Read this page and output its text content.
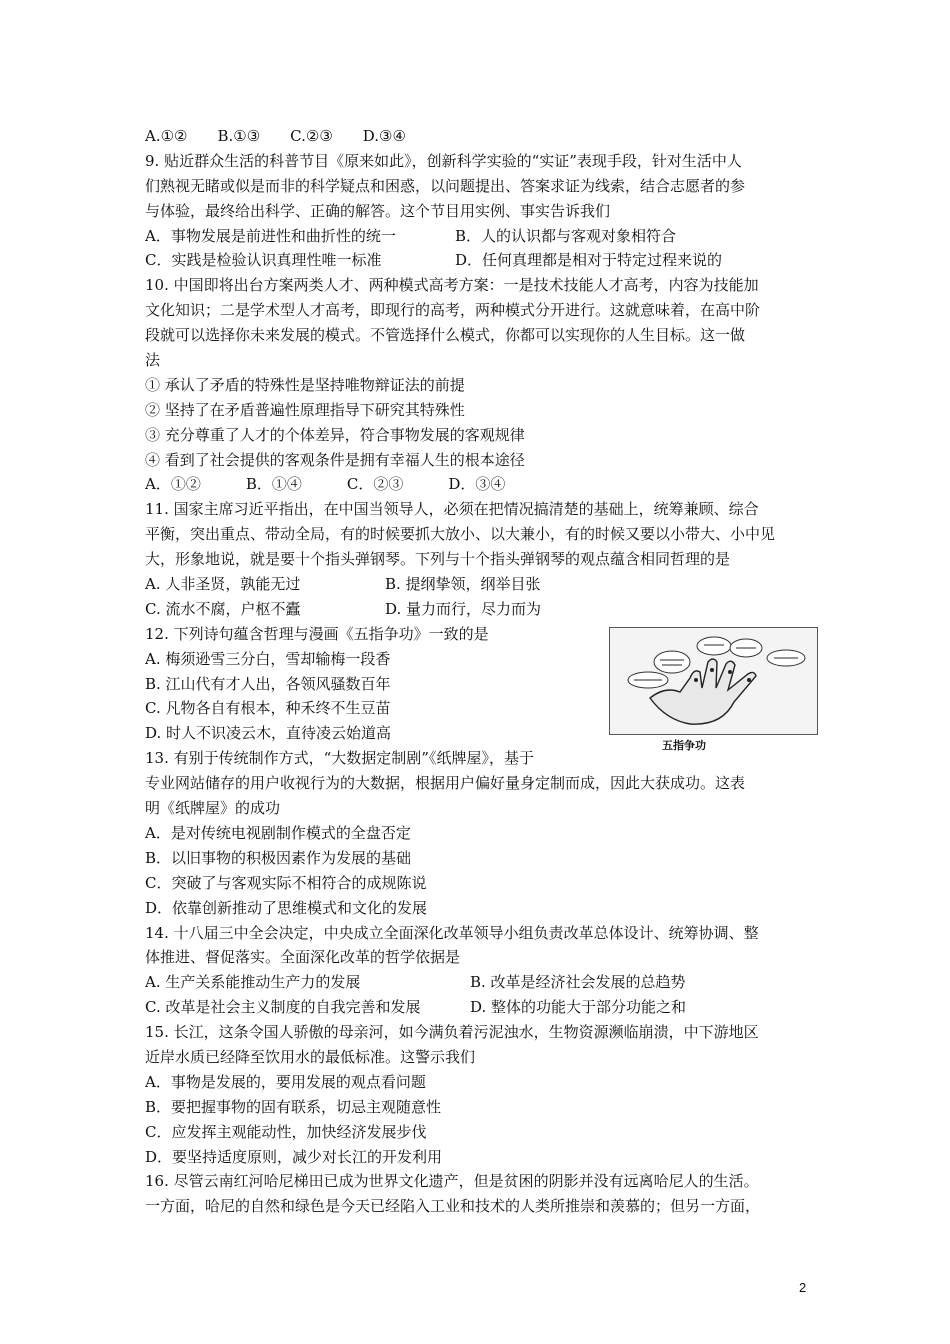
A.①②　　B.①③　　C.②③　　D.③④
9. 贴近群众生活的科普节目《原来如此》，创新科学实验的“实证”表现手段，针对生活中人
们熟视无睹或似是而非的科学疑点和困惑，以问题提出、答案求证为线索，结合志愿者的参
与体验，最终给出科学、正确的解答。这个节目用实例、事实告诉我们
A．事物发展是前进性和曲折性的统一	B．人的认识都与客观对象相符合
C．实践是检验认识真理性唯一标准	D．任何真理都是相对于特定过程来说的
10. 中国即将出台方案两类人才、两种模式高考方案：一是技术技能人才高考，内容为技能加
文化知识；二是学术型人才高考，即现行的高考，两种模式分开进行。这就意味着，在高中阶
段就可以选择你未来发展的模式。不管选择什么模式，你都可以实现你的人生目标。这一做
法
① 承认了矛盾的特殊性是坚持唯物辩证法的前提
② 坚持了在矛盾普遍性原理指导下研究其特殊性
③ 充分尊重了人才的个体差异，符合事物发展的客观规律
④ 看到了社会提供的客观条件是拥有幸福人生的根本途径
A．①②　　　B．①④　　　C．②③　　　D．③④
11. 国家主席习近平指出，在中国当领导人，必须在把情况搞清楚的基础上，统筹兼顾、综合
平衡，突出重点、带动全局，有的时候要抓大放小、以大兼小，有的时候又要以小带大、小中见
大，形象地说，就是要十个指头弹钢琴。下列与十个指头弹钢琴的观点蕴含相同哲理的是
A. 人非圣贤，孰能无过	B. 提纲挚领，纲举目张
C. 流水不腐，户枢不蠹	D. 量力而行，尽力而为
12. 下列诗句蕴含哲理与漫画《五指争功》一致的是
A. 梅须逊雪三分白，雪却输梅一段香
B. 江山代有才人出，各领风骚数百年
C. 凡物各自有根本，种禾终不生豆苗
D. 时人不识凌云木，直待凌云始道高
13. 有别于传统制作方式，“大数据定制剧”《纸牌屋》，基于
专业网站储存的用户收视行为的大数据，根据用户偏好量身定制而成，因此大获成功。这表
明《纸牌屋》的成功
A．是对传统电视剧制作模式的全盘否定
B．以旧事物的积极因素作为发展的基础
C．突破了与客观实际不相符合的成规陈说
D．依靠创新推动了思维模式和文化的发展
14. 十八届三中全会决定，中央成立全面深化改革领导小组负责改革总体设计、统筹协调、整
体推进、督促落实。全面深化改革的哲学依据是
A. 生产关系能推动生产力的发展	B. 改革是经济社会发展的总趋势
C. 改革是社会主义制度的自我完善和发展	D. 整体的功能大于部分功能之和
15. 长江，这条令国人骄傲的母亲河，如今满负着污泥浊水，生物资源濒临崩溃，中下游地区
近岸水质已经降至饮用水的最低标准。这警示我们
A．事物是发展的，要用发展的观点看问题
B．要把握事物的固有联系，切忌主观随意性
C．应发挥主观能动性，加快经济发展步伐
D．要坚持适度原则，减少对长江的开发利用
16. 尽管云南红河哈尼梯田已成为世界文化遗产，但是贫困的阴影并没有远离哈尼人的生活。
一方面，哈尼的自然和绿色是今天已经陷入工业和技术的人类所推崇和羡慕的；但另一方面，
五指争功
2
